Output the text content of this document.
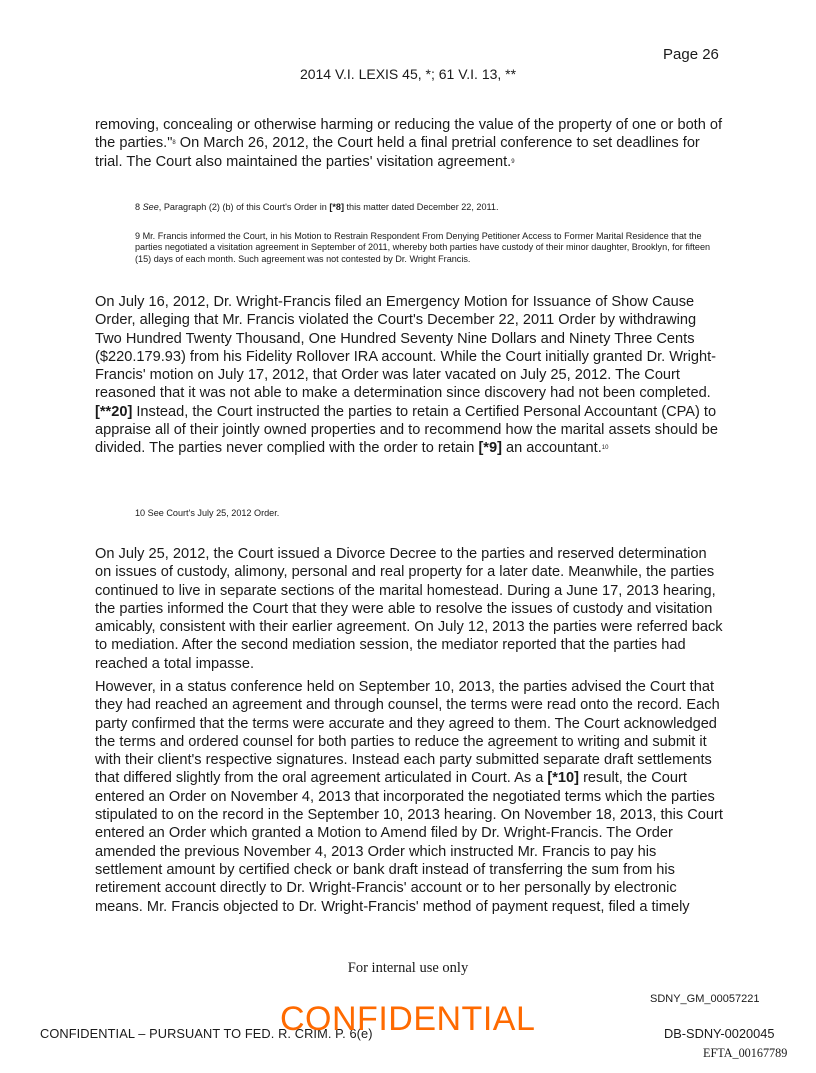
Page 26
2014 V.I. LEXIS 45, *; 61 V.I. 13, **

removing, concealing or otherwise harming or reducing the value of the property of one or both of the parties."$^8$ On March 26, 2012, the Court held a final pretrial conference to set deadlines for trial. The Court also maintained the parties' visitation agreement.$^9$

8 See, Paragraph (2) (b) of this Court's Order in [*8] this matter dated December 22, 2011.

9 Mr. Francis informed the Court, in his Motion to Restrain Respondent From Denying Petitioner Access to Former Marital Residence that the parties negotiated a visitation agreement in September of 2011, whereby both parties have custody of their minor daughter, Brooklyn, for fifteen (15) days of each month. Such agreement was not contested by Dr. Wright Francis.

On July 16, 2012, Dr. Wright-Francis filed an Emergency Motion for Issuance of Show Cause Order, alleging that Mr. Francis violated the Court's December 22, 2011 Order by withdrawing Two Hundred Twenty Thousand, One Hundred Seventy Nine Dollars and Ninety Three Cents ($220.179.93) from his Fidelity Rollover IRA account. While the Court initially granted Dr. Wright-Francis' motion on July 17, 2012, that Order was later vacated on July 25, 2012. The Court reasoned that it was not able to make a determination since discovery had not been completed. [**20] Instead, the Court instructed the parties to retain a Certified Personal Accountant (CPA) to appraise all of their jointly owned properties and to recommend how the marital assets should be divided. The parties never complied with the order to retain [*9] an accountant.$^{10}$

10 See Court's July 25, 2012 Order.

On July 25, 2012, the Court issued a Divorce Decree to the parties and reserved determination on issues of custody, alimony, personal and real property for a later date. Meanwhile, the parties continued to live in separate sections of the marital homestead. During a June 17, 2013 hearing, the parties informed the Court that they were able to resolve the issues of custody and visitation amicably, consistent with their earlier agreement. On July 12, 2013 the parties were referred back to mediation. After the second mediation session, the mediator reported that the parties had reached a total impasse.

However, in a status conference held on September 10, 2013, the parties advised the Court that they had reached an agreement and through counsel, the terms were read onto the record. Each party confirmed that the terms were accurate and they agreed to them. The Court acknowledged the terms and ordered counsel for both parties to reduce the agreement to writing and submit it with their client's respective signatures. Instead each party submitted separate draft settlements that differed slightly from the oral agreement articulated in Court. As a [*10] result, the Court entered an Order on November 4, 2013 that incorporated the negotiated terms which the parties stipulated to on the record in the September 10, 2013 hearing. On November 18, 2013, this Court entered an Order which granted a Motion to Amend filed by Dr. Wright-Francis. The Order amended the previous November 4, 2013 Order which instructed Mr. Francis to pay his settlement amount by certified check or bank draft instead of transferring the sum from his retirement account directly to Dr. Wright-Francis' account or to her personally by electronic means. Mr. Francis objected to Dr. Wright-Francis' method of payment request, filed a timely

For internal use only
SDNY_GM_00057221
CONFIDENTIAL – PURSUANT TO FED. R. CRIM. P. 6(e)
CONFIDENTIAL	DB-SDNY-0020045
EFTA_00167789
